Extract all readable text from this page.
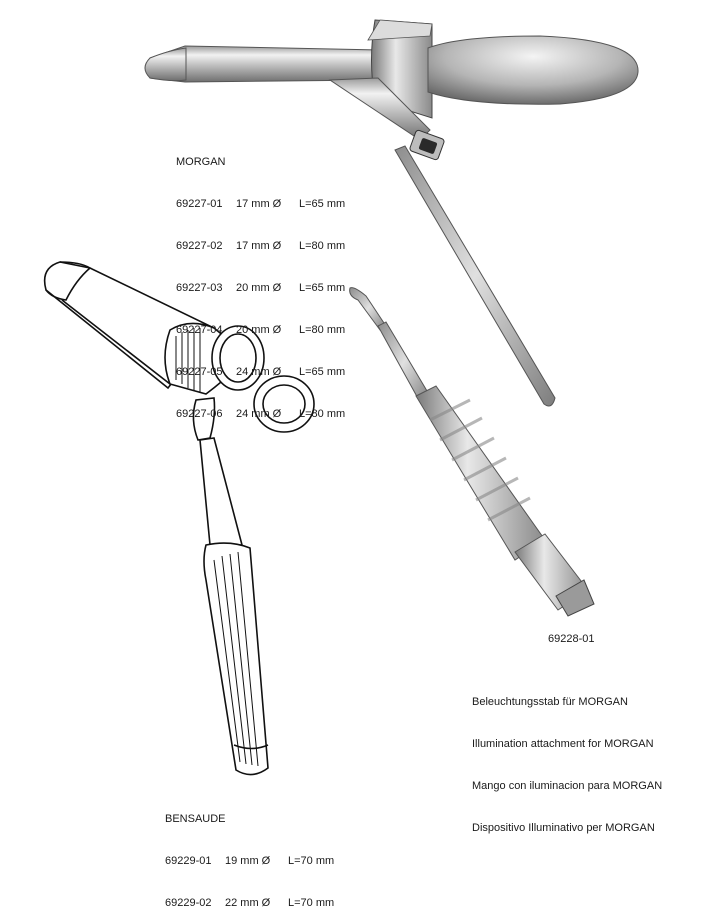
MORGAN

69227-01 17 mm Ø L=65 mm

69227-02 17 mm Ø L=80 mm

69227-03 20 mm Ø L=65 mm

69227-04 20 mm Ø L=80 mm

69227-05 24 mm Ø L=65 mm

69227-06 24 mm Ø L=80 mm

69228-01

Beleuchtungsstab für MORGAN

Illumination attachment for MORGAN

Mango con iluminacion para MORGAN

Dispositivo Illuminativo per MORGAN

BENSAUDE

69229-01 19 mm Ø L=70 mm

69229-02 22 mm Ø L=70 mm
